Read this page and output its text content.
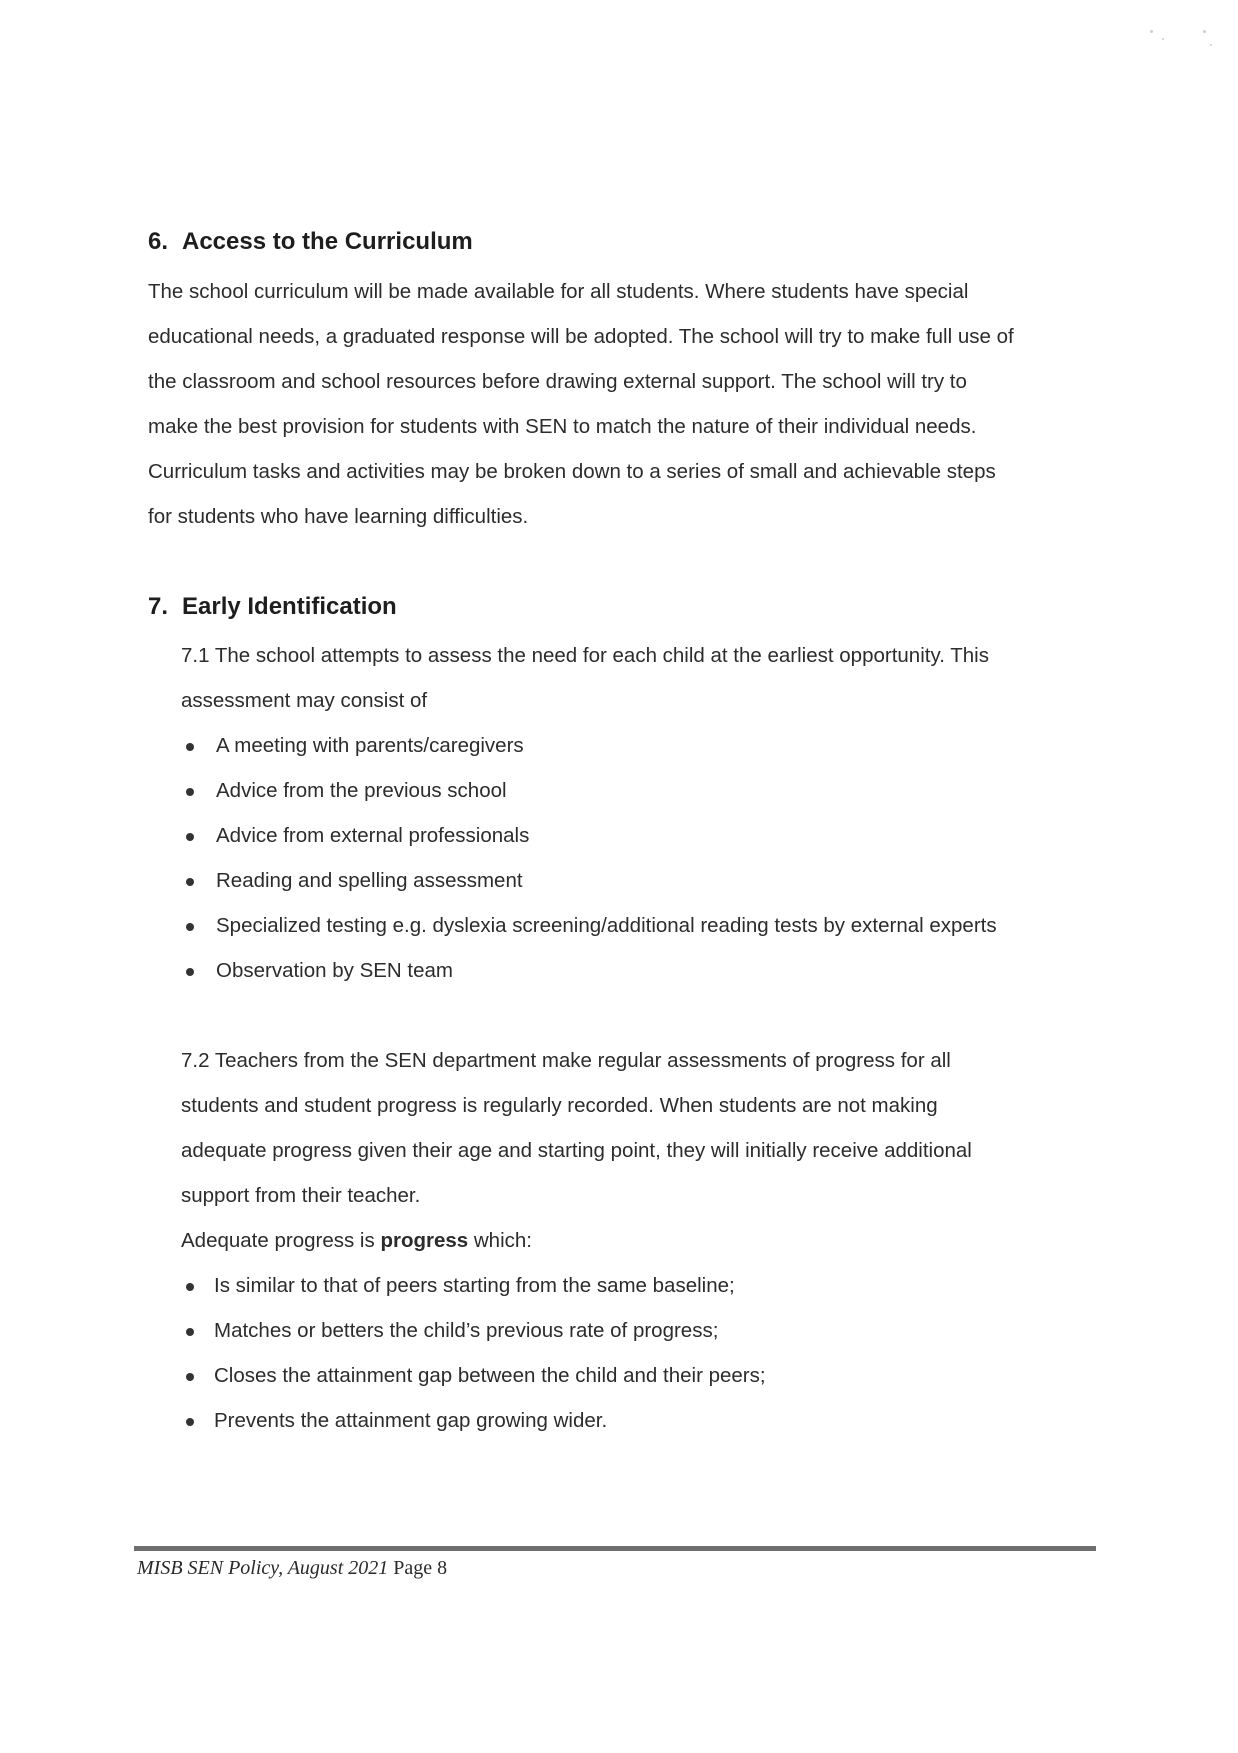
6. Access to the Curriculum
The school curriculum will be made available for all students. Where students have special
educational needs, a graduated response will be adopted. The school will try to make full use of
the classroom and school resources before drawing external support. The school will try to
make the best provision for students with SEN to match the nature of their individual needs.
Curriculum tasks and activities may be broken down to a series of small and achievable steps
for students who have learning difficulties.
7. Early Identification
7.1 The school attempts to assess the need for each child at the earliest opportunity. This
assessment may consist of
A meeting with parents/caregivers
Advice from the previous school
Advice from external professionals
Reading and spelling assessment
Specialized testing e.g. dyslexia screening/additional reading tests by external experts
Observation by SEN team
7.2 Teachers from the SEN department make regular assessments of progress for all
students and student progress is regularly recorded. When students are not making
adequate progress given their age and starting point, they will initially receive additional
support from their teacher.
Adequate progress is progress which:
Is similar to that of peers starting from the same baseline;
Matches or betters the child’s previous rate of progress;
Closes the attainment gap between the child and their peers;
Prevents the attainment gap growing wider.
MISB SEN Policy, August 2021 Page 8
